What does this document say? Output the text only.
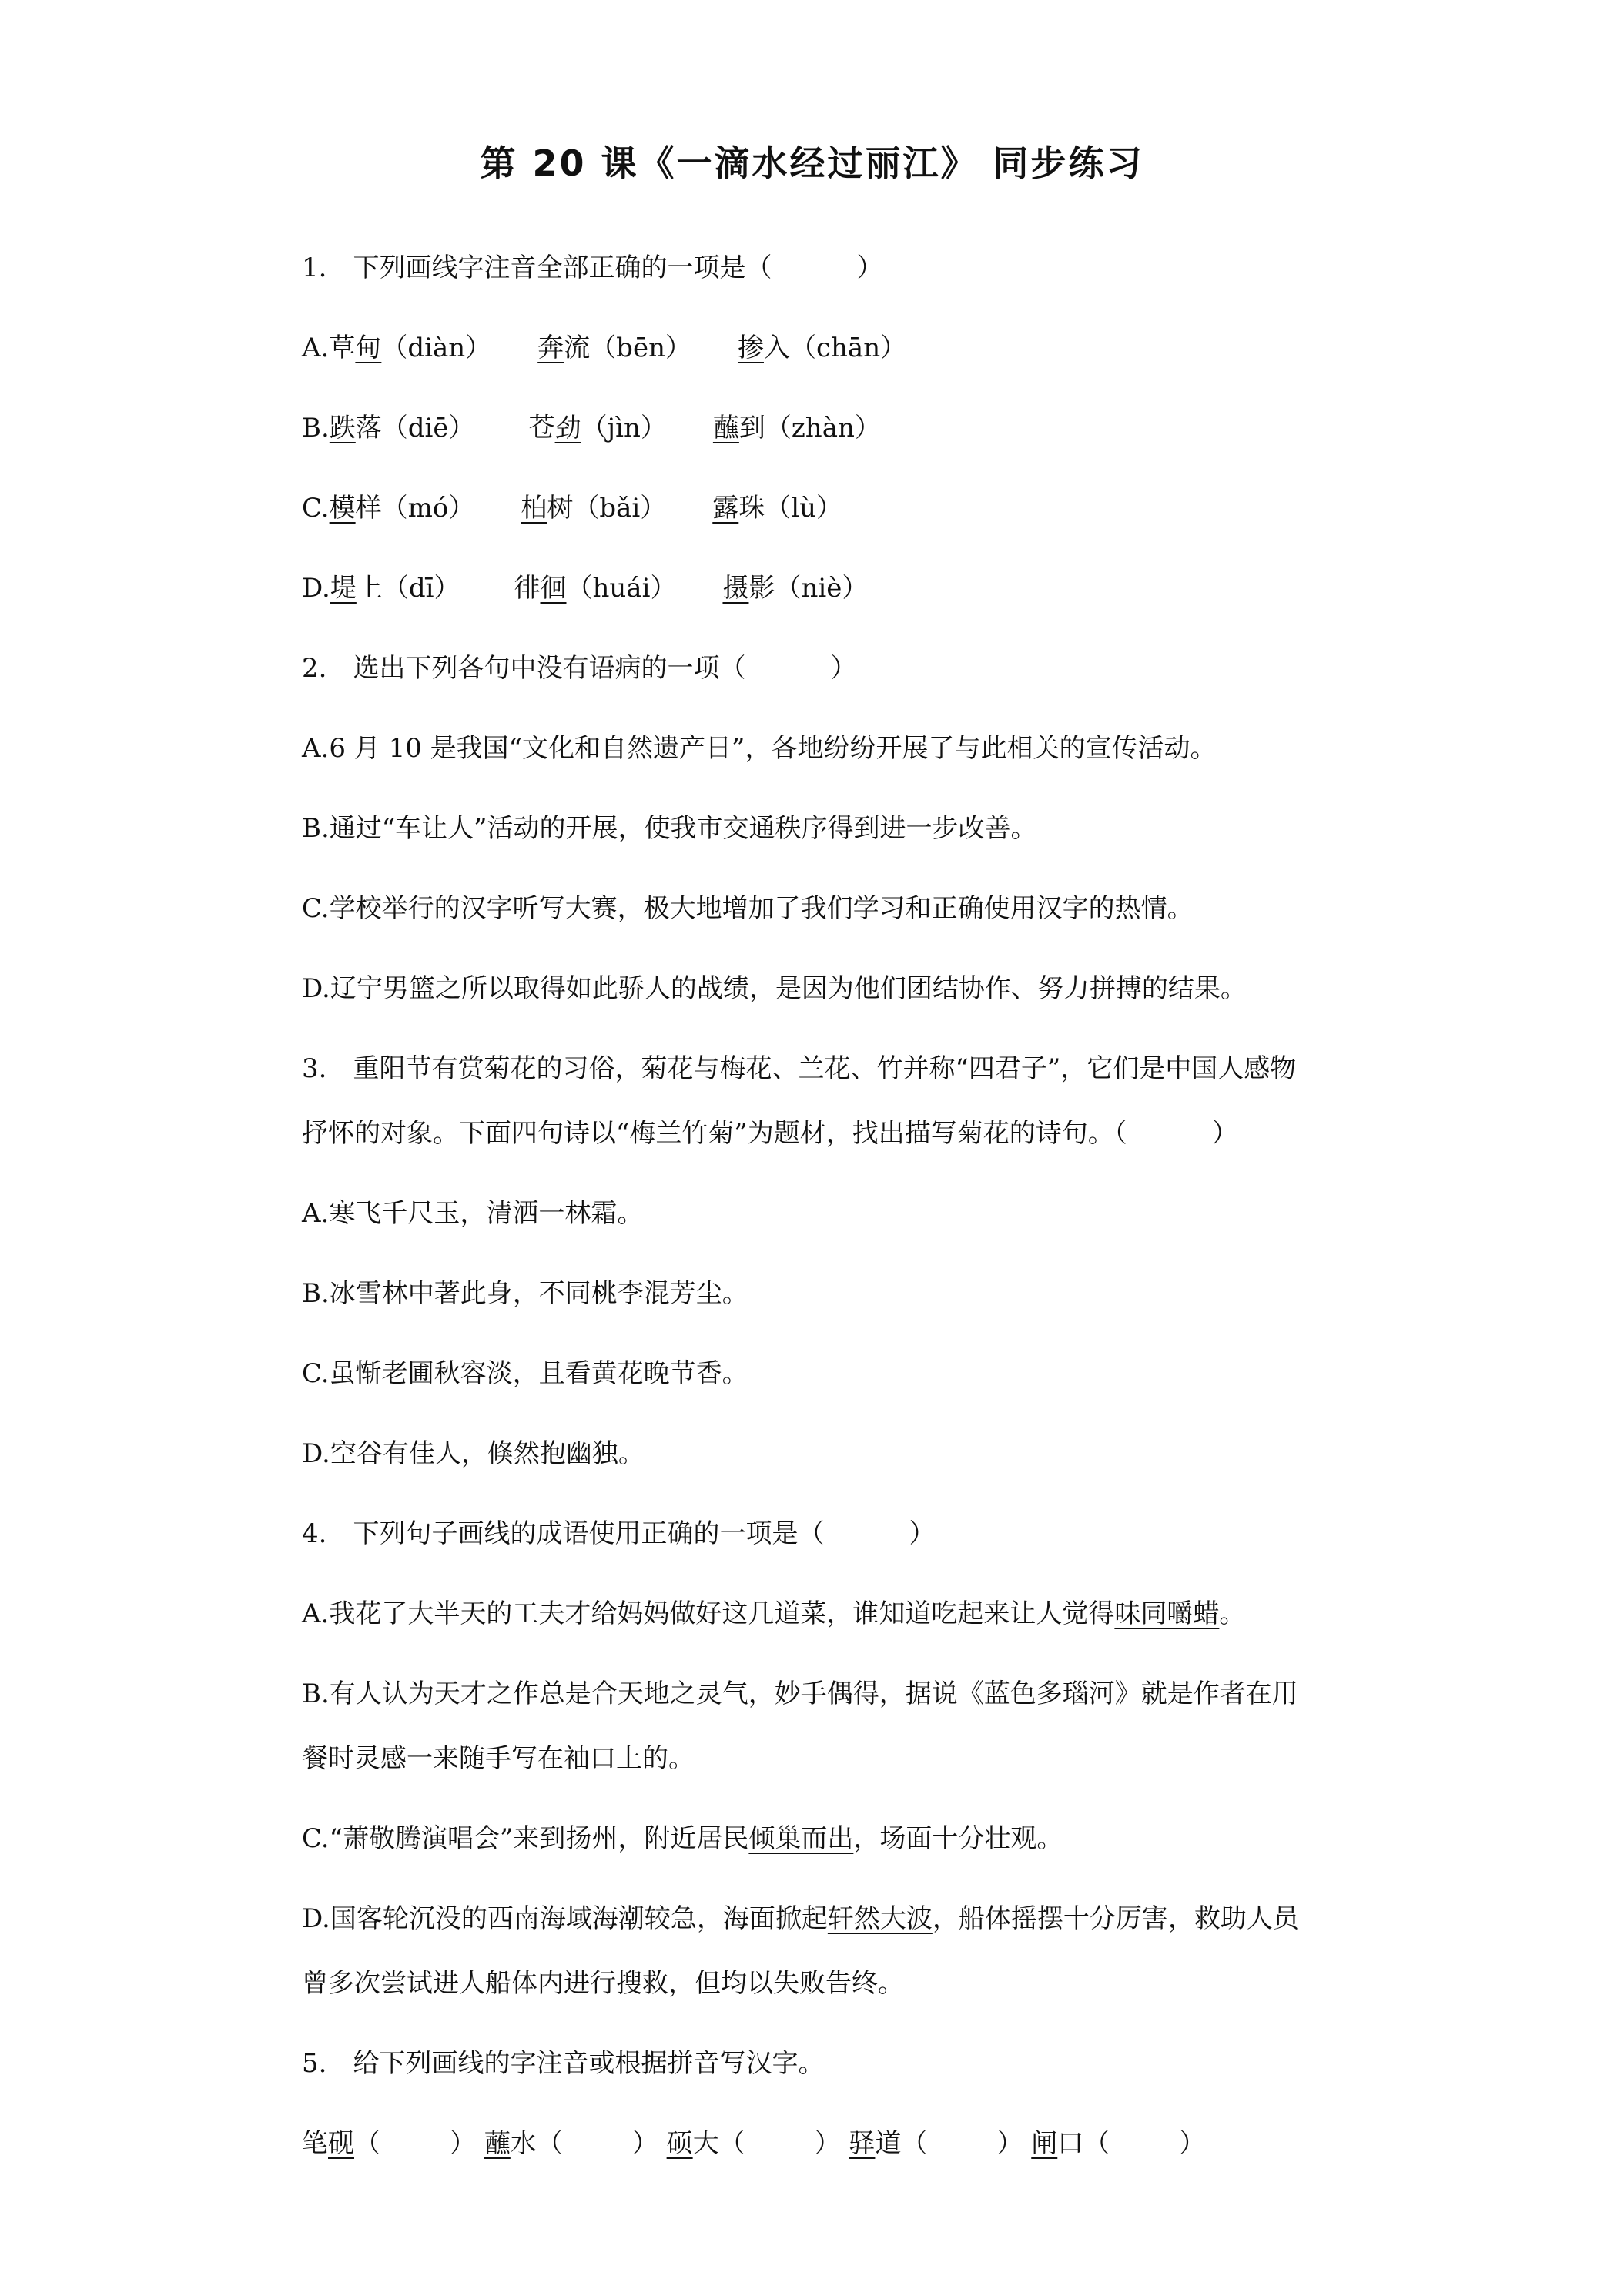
第 20 课《一滴水经过丽江》 同步练习
1.　下列画线字注音全部正确的一项是（	）
A.草甸（diàn） 奔流（bēn） 掺入（chān）
B.跌落（diē） 苍劲（jìn） 蘸到（zhàn）
C.模样（mó） 柏树（bǎi） 露珠（lù）
D.堤上（dī） 徘徊（huái） 摄影（niè）
2.　选出下列各句中没有语病的一项（	）
A.6 月 10 是我国“文化和自然遗产日”，各地纷纷开展了与此相关的宣传活动。
B.通过“车让人”活动的开展，使我市交通秩序得到进一步改善。
C.学校举行的汉字听写大赛，极大地增加了我们学习和正确使用汉字的热情。
D.辽宁男篮之所以取得如此骄人的战绩，是因为他们团结协作、努力拼搏的结果。
3.　重阳节有赏菊花的习俗，菊花与梅花、兰花、竹并称“四君子”，它们是中国人感物
抒怀的对象。下面四句诗以“梅兰竹菊”为题材，找出描写菊花的诗句。（	）
A.寒飞千尺玉，清洒一林霜。
B.冰雪林中著此身，不同桃李混芳尘。
C.虽惭老圃秋容淡，且看黄花晚节香。
D.空谷有佳人，倏然抱幽独。
4.　下列句子画线的成语使用正确的一项是（	）
A.我花了大半天的工夫才给妈妈做好这几道菜，谁知道吃起来让人觉得味同嚼蜡。
B.有人认为天才之作总是合天地之灵气，妙手偶得，据说《蓝色多瑙河》就是作者在用
餐时灵感一来随手写在袖口上的。
C.“萧敬腾演唱会”来到扬州，附近居民倾巢而出，场面十分壮观。
D.国客轮沉没的西南海域海潮较急，海面掀起轩然大波，船体摇摆十分厉害，救助人员
曾多次尝试进人船体内进行搜救，但均以失败告终。
5.　给下列画线的字注音或根据拼音写汉字。
笔砚（	） 蘸水（	） 硕大（	） 驿道（	） 闸口（	）
